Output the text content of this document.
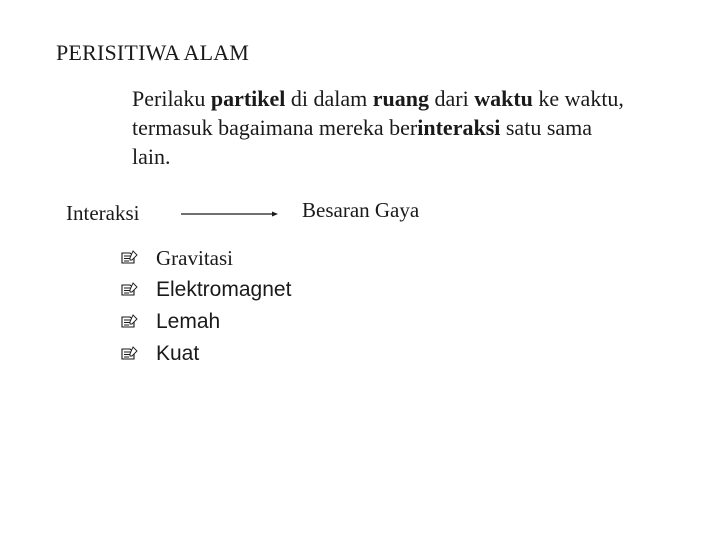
PERISITIWA ALAM

Perilaku partikel di dalam ruang dari waktu ke waktu, termasuk bagaimana mereka berinteraksi satu sama lain.

Interaksi	Besaran Gaya
Gravitasi
Elektromagnet
Lemah
Kuat
